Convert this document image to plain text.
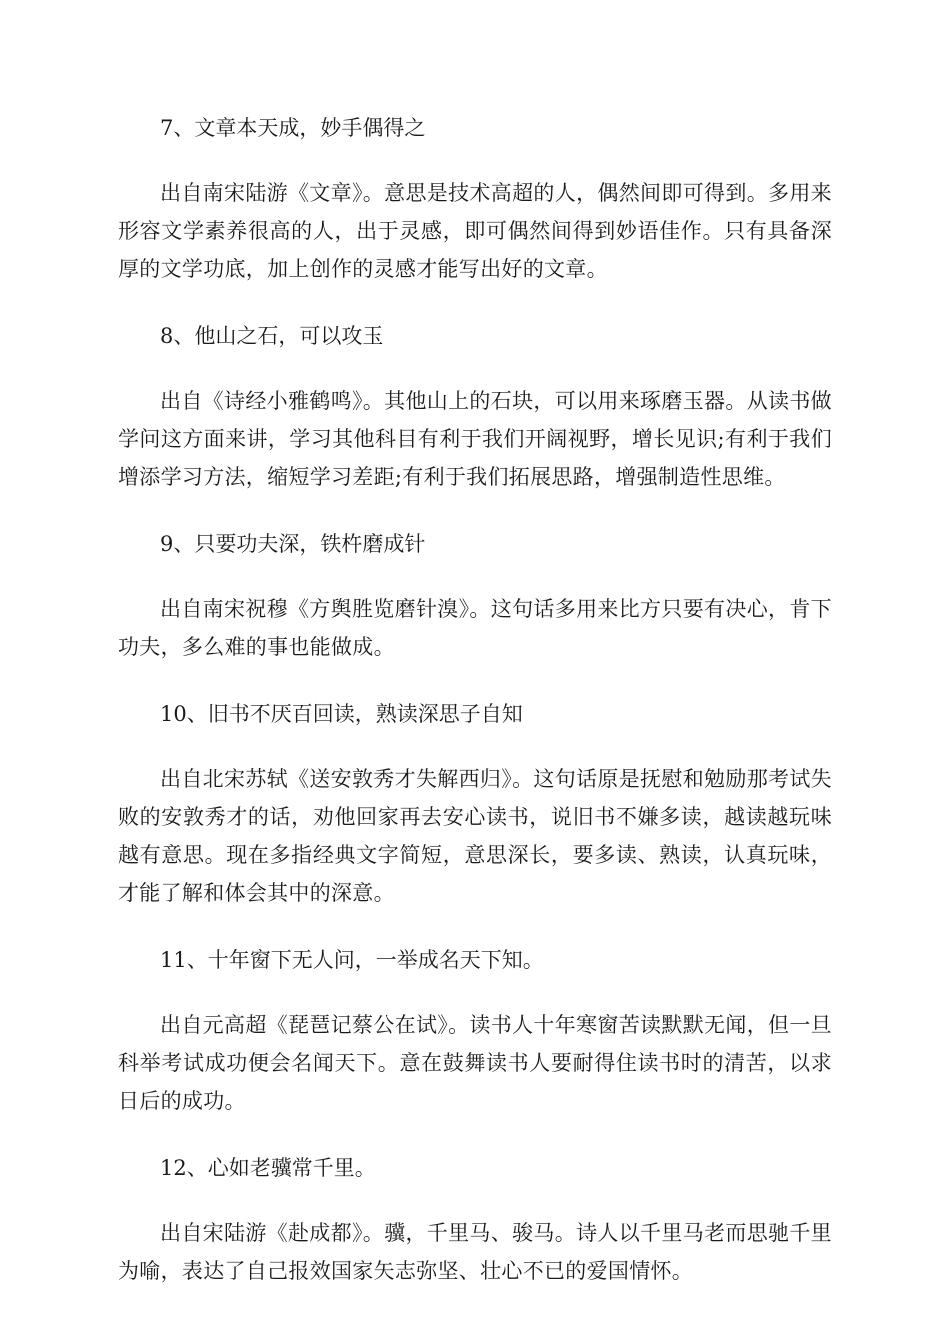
7、文章本天成，妙手偶得之

出自南宋陆游《文章》。意思是技术高超的人，偶然间即可得到。多用来形容文学素养很高的人，出于灵感，即可偶然间得到妙语佳作。只有具备深厚的文学功底，加上创作的灵感才能写出好的文章。

8、他山之石，可以攻玉

出自《诗经小雅鹤鸣》。其他山上的石块，可以用来琢磨玉器。从读书做学问这方面来讲，学习其他科目有利于我们开阔视野，增长见识;有利于我们增添学习方法，缩短学习差距;有利于我们拓展思路，增强制造性思维。

9、只要功夫深，铁杵磨成针

出自南宋祝穆《方舆胜览磨针溴》。这句话多用来比方只要有决心，肯下功夫，多么难的事也能做成。

10、旧书不厌百回读，熟读深思子自知

出自北宋苏轼《送安敦秀才失解西归》。这句话原是抚慰和勉励那考试失败的安敦秀才的话，劝他回家再去安心读书，说旧书不嫌多读，越读越玩味越有意思。现在多指经典文字简短，意思深长，要多读、熟读，认真玩味，才能了解和体会其中的深意。

11、十年窗下无人问，一举成名天下知。

出自元高超《琵琶记蔡公在试》。读书人十年寒窗苦读默默无闻，但一旦科举考试成功便会名闻天下。意在鼓舞读书人要耐得住读书时的清苦，以求日后的成功。

12、心如老骥常千里。

出自宋陆游《赴成都》。骥，千里马、骏马。诗人以千里马老而思驰千里为喻，表达了自己报效国家矢志弥坚、壮心不已的爱国情怀。
